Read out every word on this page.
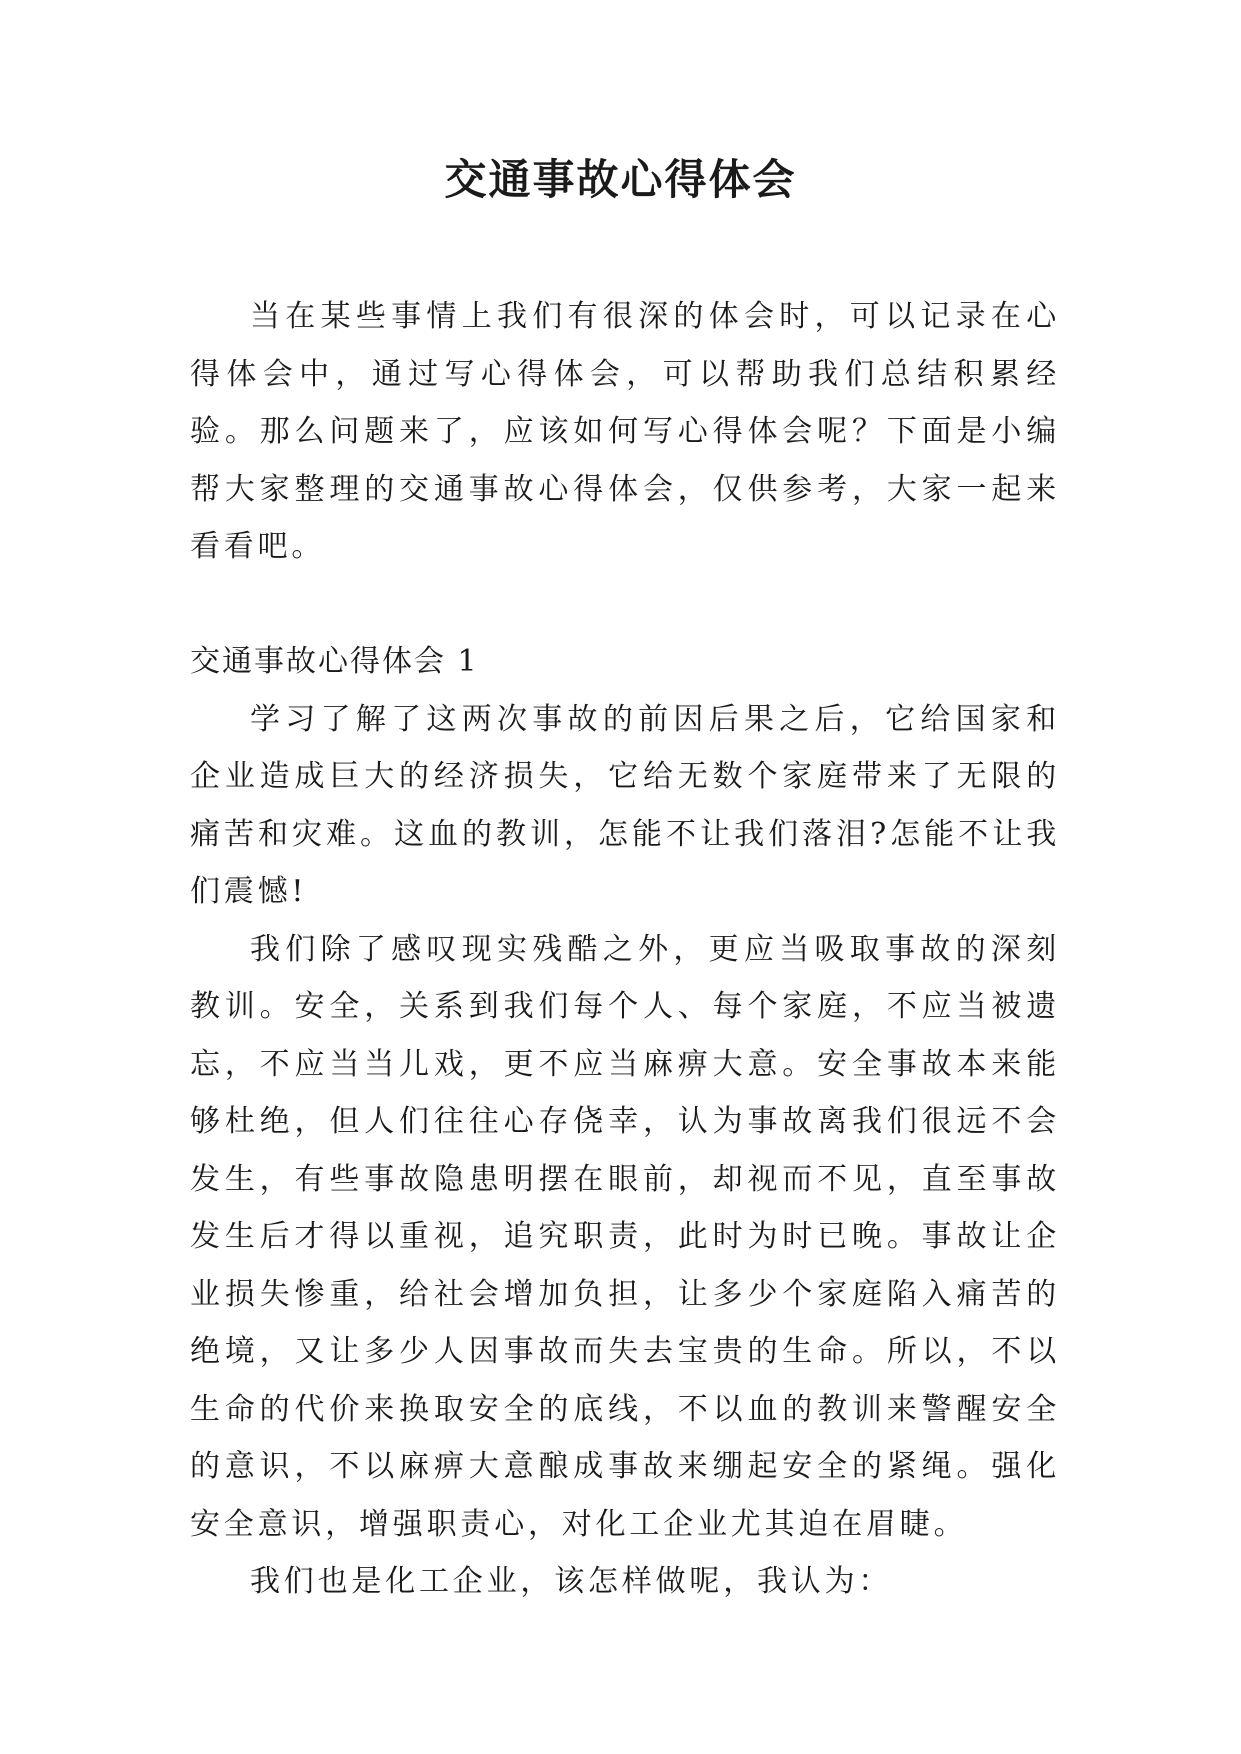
交通事故心得体会

当在某些事情上我们有很深的体会时，可以记录在心得体会中，通过写心得体会，可以帮助我们总结积累经验。那么问题来了，应该如何写心得体会呢？下面是小编帮大家整理的交通事故心得体会，仅供参考，大家一起来看看吧。

交通事故心得体会 1

学习了解了这两次事故的前因后果之后，它给国家和企业造成巨大的经济损失，它给无数个家庭带来了无限的痛苦和灾难。这血的教训，怎能不让我们落泪?怎能不让我们震憾!

我们除了感叹现实残酷之外，更应当吸取事故的深刻教训。安全，关系到我们每个人、每个家庭，不应当被遗忘，不应当当儿戏，更不应当麻痹大意。安全事故本来能够杜绝，但人们往往心存侥幸，认为事故离我们很远不会发生，有些事故隐患明摆在眼前，却视而不见，直至事故发生后才得以重视，追究职责，此时为时已晚。事故让企业损失惨重，给社会增加负担，让多少个家庭陷入痛苦的绝境，又让多少人因事故而失去宝贵的生命。所以，不以生命的代价来换取安全的底线，不以血的教训来警醒安全的意识，不以麻痹大意酿成事故来绷起安全的紧绳。强化安全意识，增强职责心，对化工企业尤其迫在眉睫。

我们也是化工企业，该怎样做呢，我认为：
